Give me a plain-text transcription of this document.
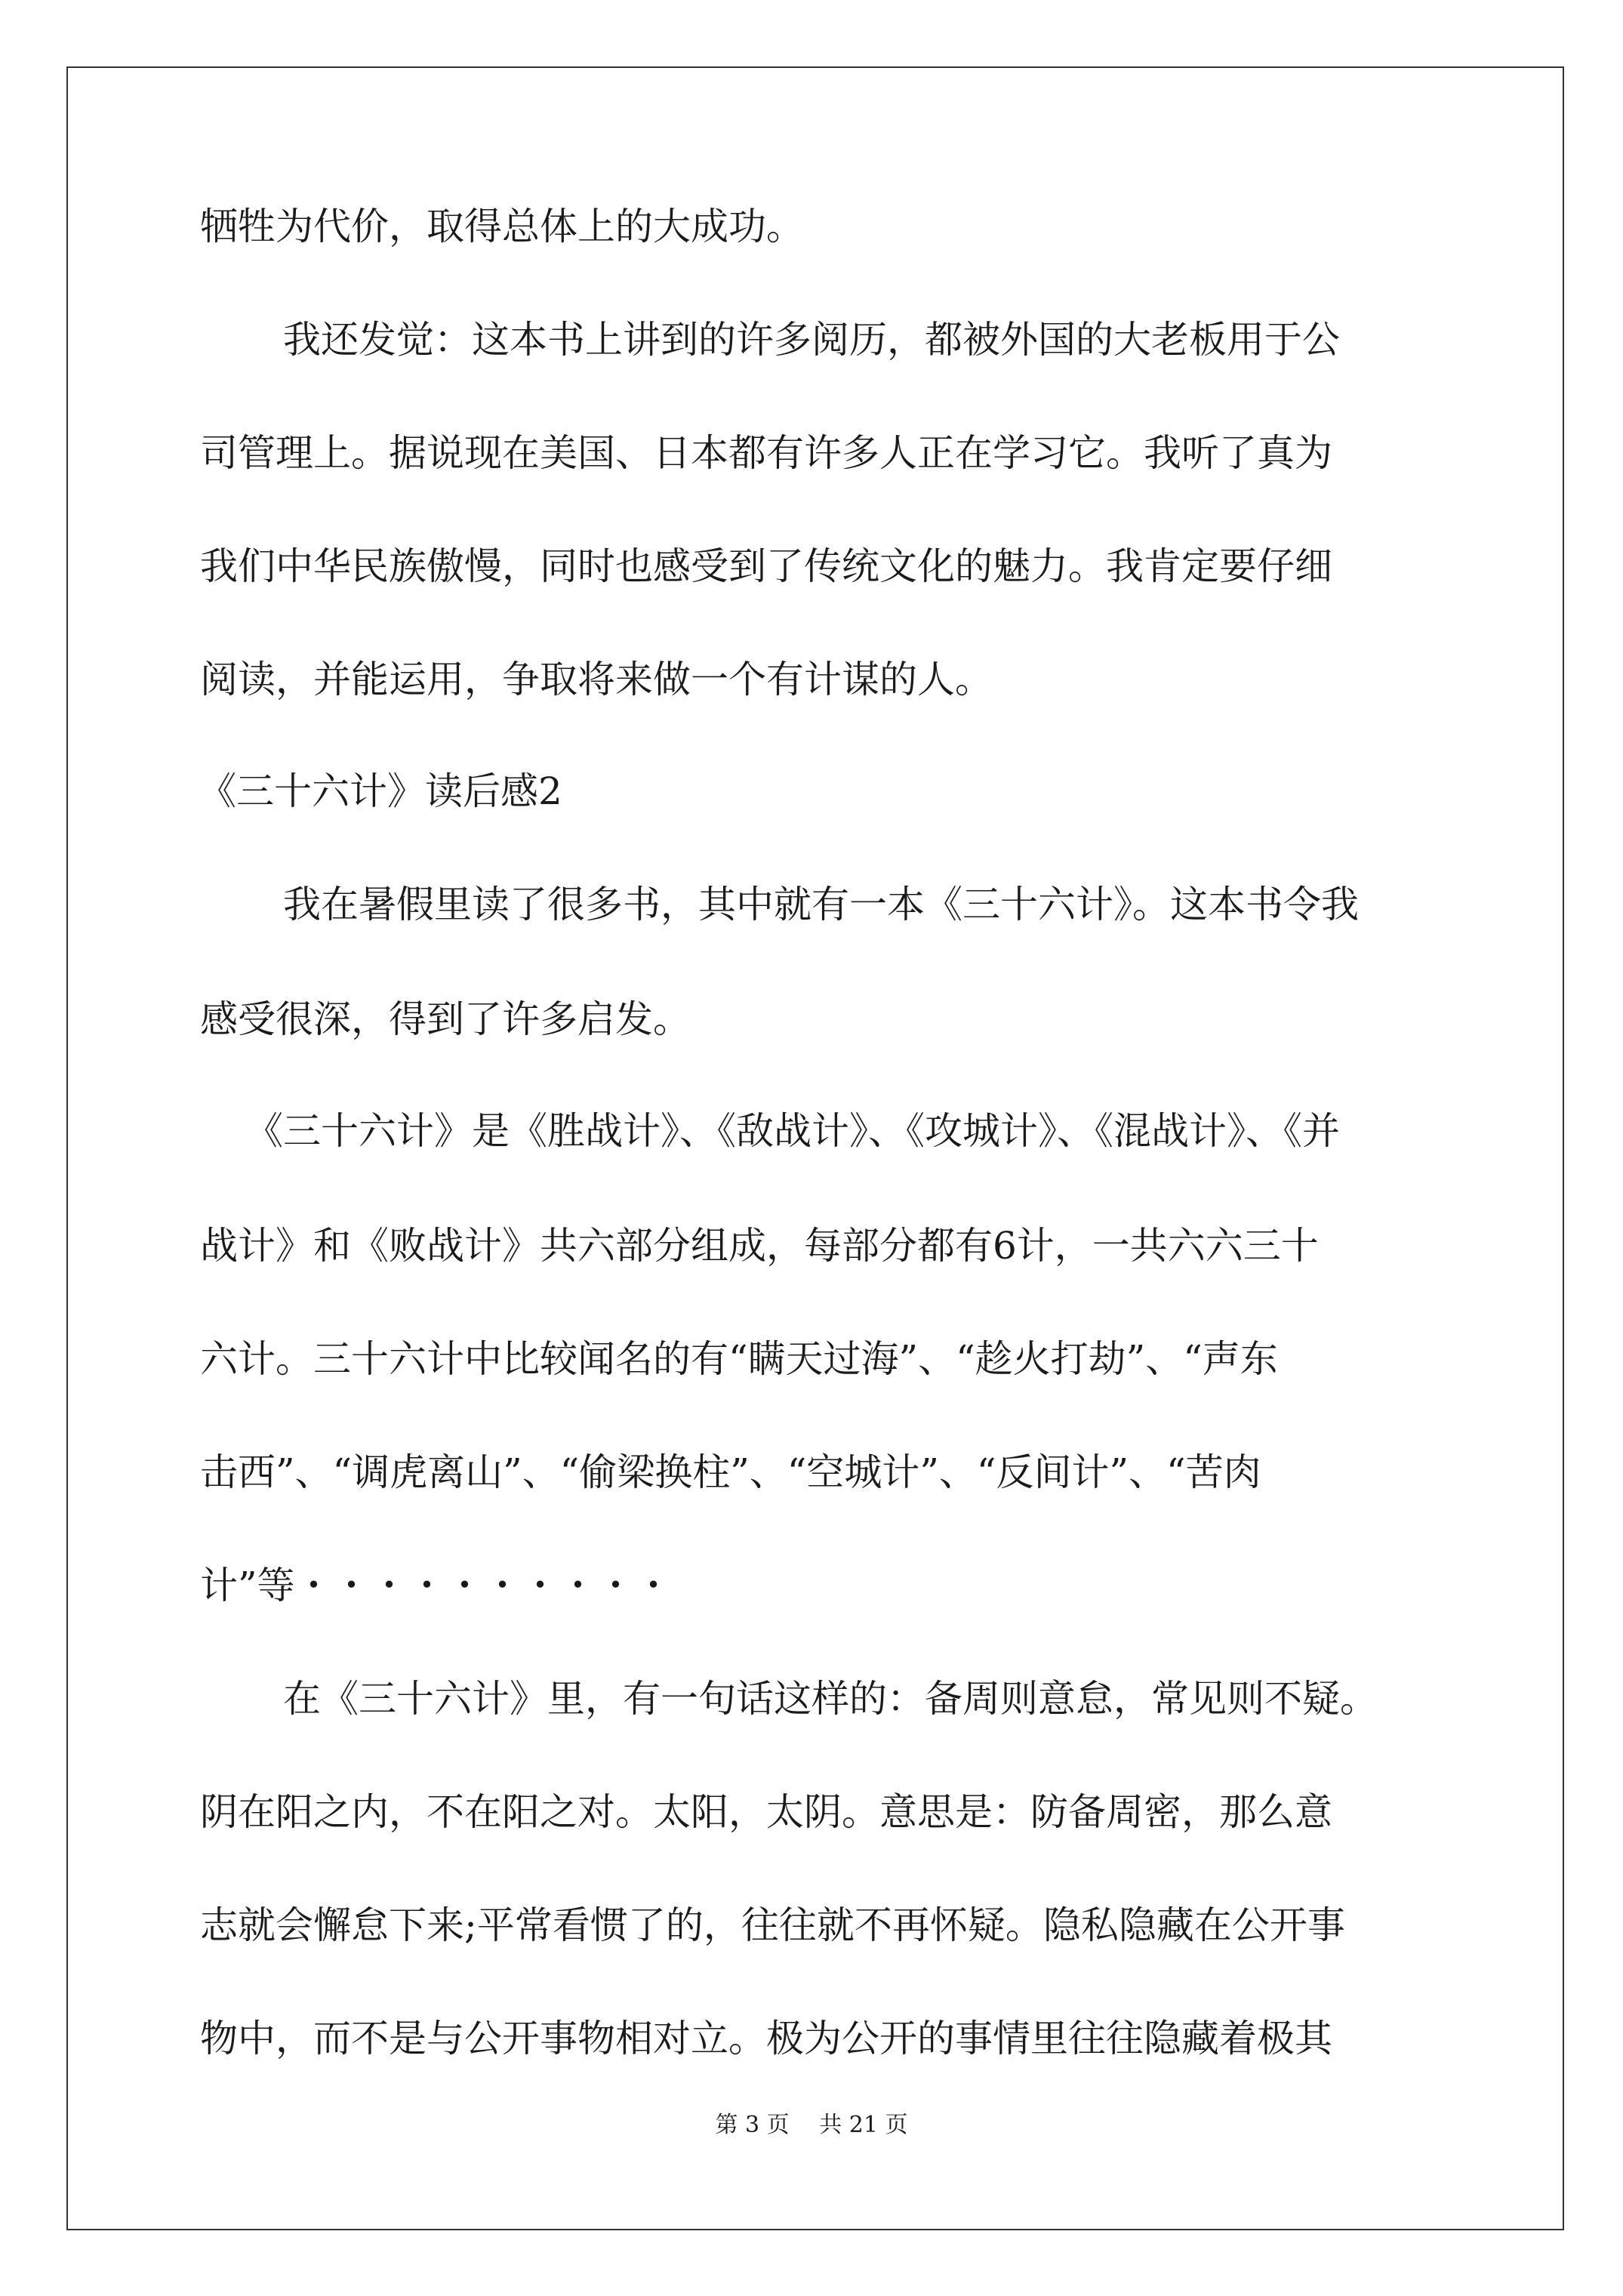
牺牲为代价，取得总体上的大成功。
我还发觉：这本书上讲到的许多阅历，都被外国的大老板用于公
司管理上。据说现在美国、日本都有许多人正在学习它。我听了真为
我们中华民族傲慢，同时也感受到了传统文化的魅力。我肯定要仔细
阅读，并能运用，争取将来做一个有计谋的人。
《三十六计》读后感2
我在暑假里读了很多书，其中就有一本《三十六计》。这本书令我
感受很深，得到了许多启发。
《三十六计》是《胜战计》、《敌战计》、《攻城计》、《混战计》、《并
战计》和《败战计》共六部分组成，每部分都有6计，一共六六三十
六计。三十六计中比较闻名的有“瞒天过海”、“趁火打劫”、“声东
击西”、“调虎离山”、“偷梁换柱”、“空城计”、“反间计”、“苦肉
计”等・・・・・・・・・・
在《三十六计》里，有一句话这样的：备周则意怠，常见则不疑。
阴在阳之内，不在阳之对。太阳，太阴。意思是：防备周密，那么意
志就会懈怠下来;平常看惯了的，往往就不再怀疑。隐私隐藏在公开事
物中，而不是与公开事物相对立。极为公开的事情里往往隐藏着极其
第 3 页　 共 21 页
